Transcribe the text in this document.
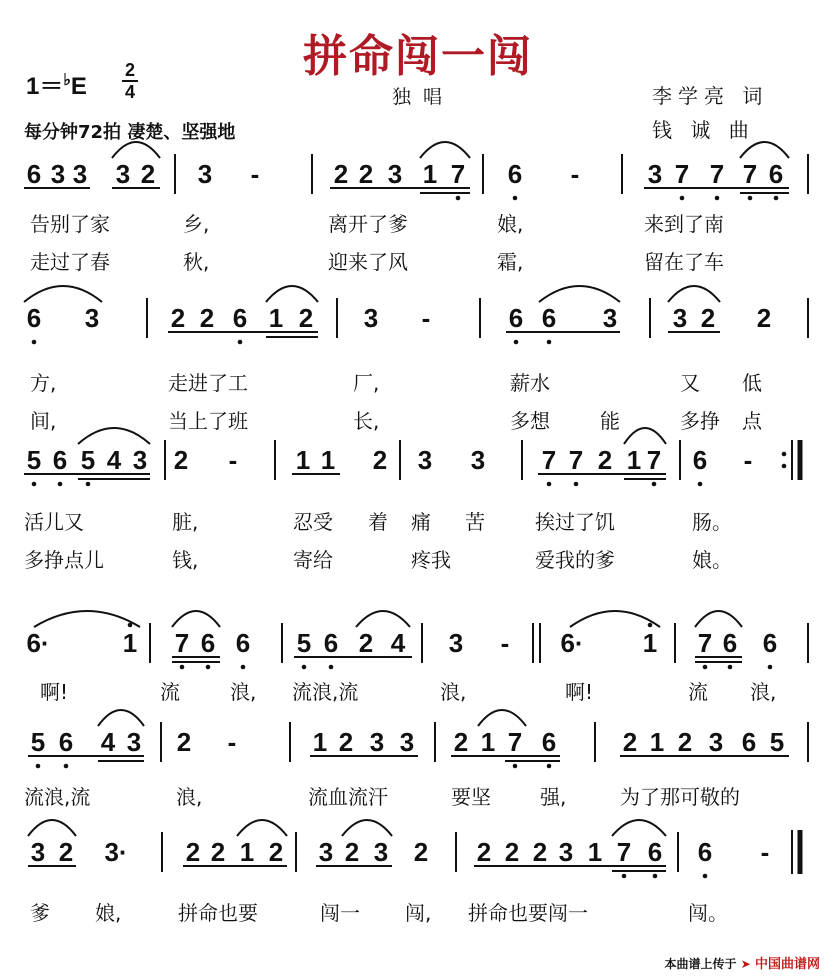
拼命闯一闯
1＝♭E
2
4	独唱	李学亮 词
钱 诚 曲
每分钟72拍 凄楚、坚强地
6 3 3 3 2 3 -	2 2 3 1 7 6 -	3 7 7 7 6
告别了家	乡,	离开了爹	娘,	来到了南
走过了春	秋,	迎来了风	霜,	留在了车
6 3	2 2 6 1 2 3 -	6 6 3 3 2 2
方,	走进了工	厂,	薪水	又 低
间,	当上了班	长,	多想	能	多挣 点
5 6 5 4 3 2 - 1 1 2 3 3 7 7 2 1 7 6 -
活儿又	脏,	忍受 着 痛 苦	挨过了饥	肠。
多挣点儿	钱,	寄给	疼我	爱我的爹	娘。
6·	1 7 6 6 5 6 2 4 3 - 6· 1 7 6 6
啊!	流	浪, 流浪,流	浪,	啊!	流 浪,
5 6 4 3 2 -	1 2 3 3 2 1 7 6	2 1 2 3 6 5
流浪,流	浪,	流血流汗	要坚 强,	为了那可敬的
3 2 3· 2 2 1 2 3 2 3 2 2 2 2 3 1 7 6 6 -
爹 娘,	拼命也要	闯一 闯, 拼命也要闯一	闯。
本曲谱上传于 ➤ 中国曲谱网
